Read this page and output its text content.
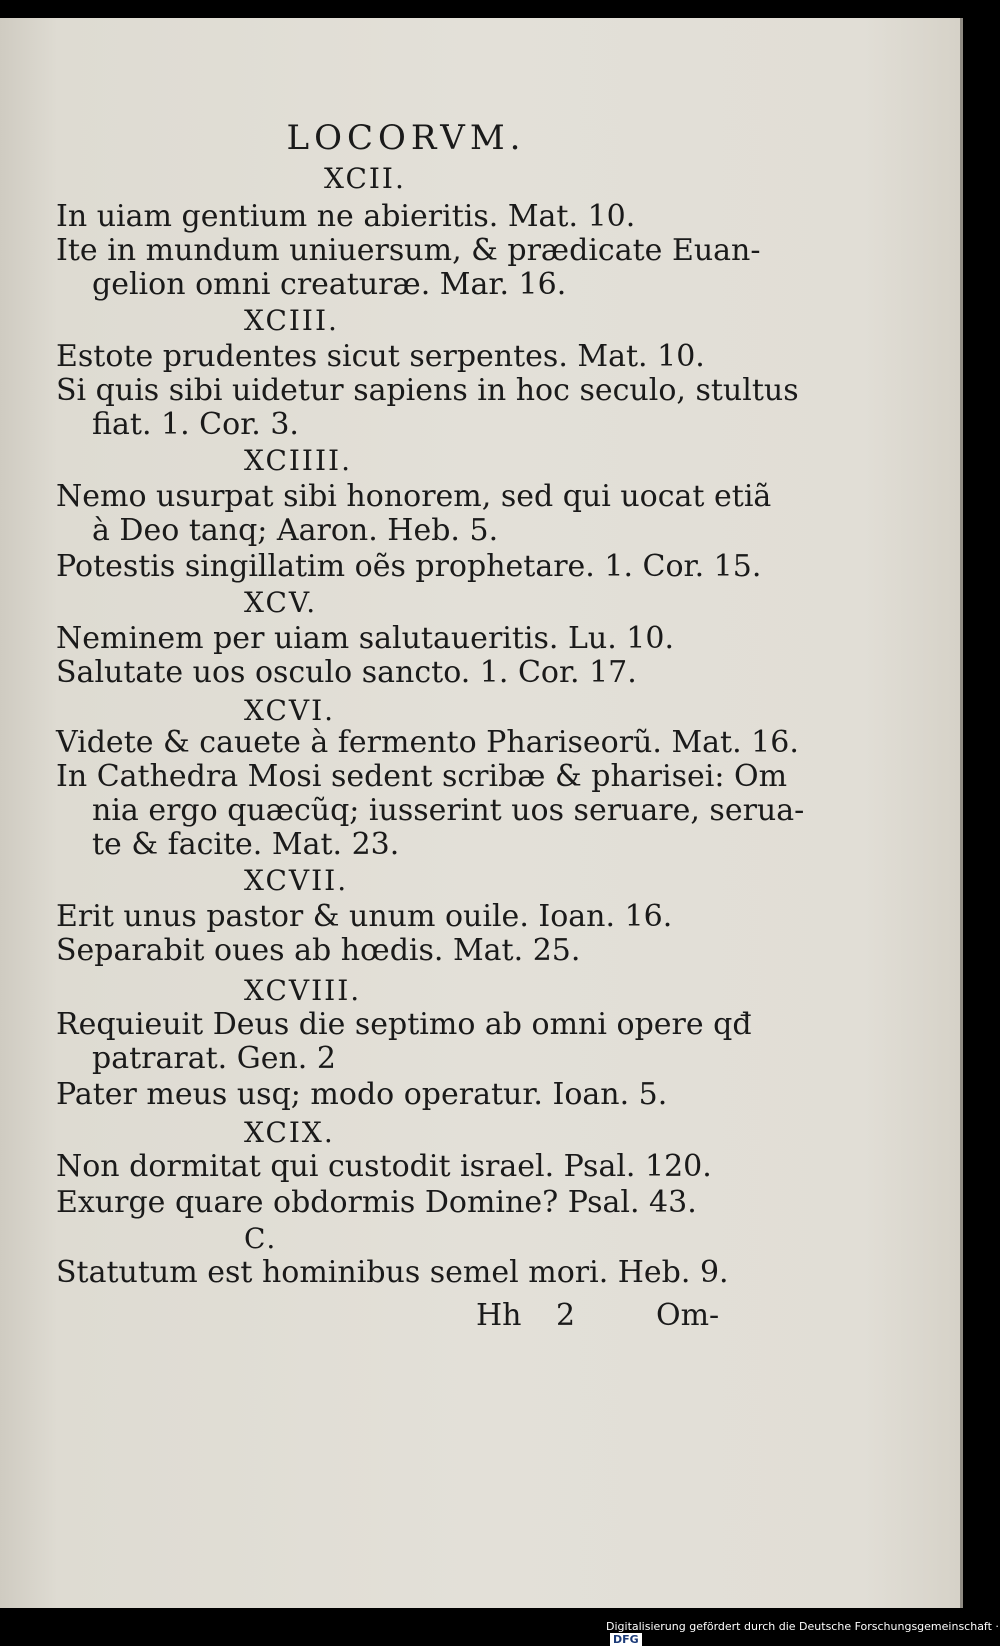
LOCORVM.
XCII.
In uiam gentium ne abieritis. Mat. 10.
Ite in mundum uniuersum, & prædicate Euan-
gelion omni creaturæ. Mar. 16.
XCIII.
Estote prudentes sicut serpentes. Mat. 10.
Si quis sibi uidetur sapiens in hoc seculo, stultus
fiat. 1. Cor. 3.
XCIIII.
Nemo usurpat sibi honorem, sed qui uocat etiã
à Deo tanq; Aaron. Heb. 5.
Potestis singillatim oẽs prophetare. 1. Cor. 15.
XCV.
Neminem per uiam salutaueritis. Lu. 10.
Salutate uos osculo sancto. 1. Cor. 17.
XCVI.
Videte & cauete à fermento Phariseorũ. Mat. 16.
In Cathedra Mosi sedent scribæ & pharisei: Om
nia ergo quæcũq; iusserint uos seruare, serua-
te & facite. Mat. 23.
XCVII.
Erit unus pastor & unum ouile. Ioan. 16.
Separabit oues ab hœdis. Mat. 25.
XCVIII.
Requieuit Deus die septimo ab omni opere qđ
patrarat. Gen. 2
Pater meus usq; modo operatur. Ioan. 5.
XCIX.
Non dormitat qui custodit israel. Psal. 120.
Exurge quare obdormis Domine? Psal. 43.
C.
Statutum est hominibus semel mori. Heb. 9.
Hh 2	Om-
Digitalisierung gefördert durch die Deutsche Forschungsgemeinschaft ·DFG
